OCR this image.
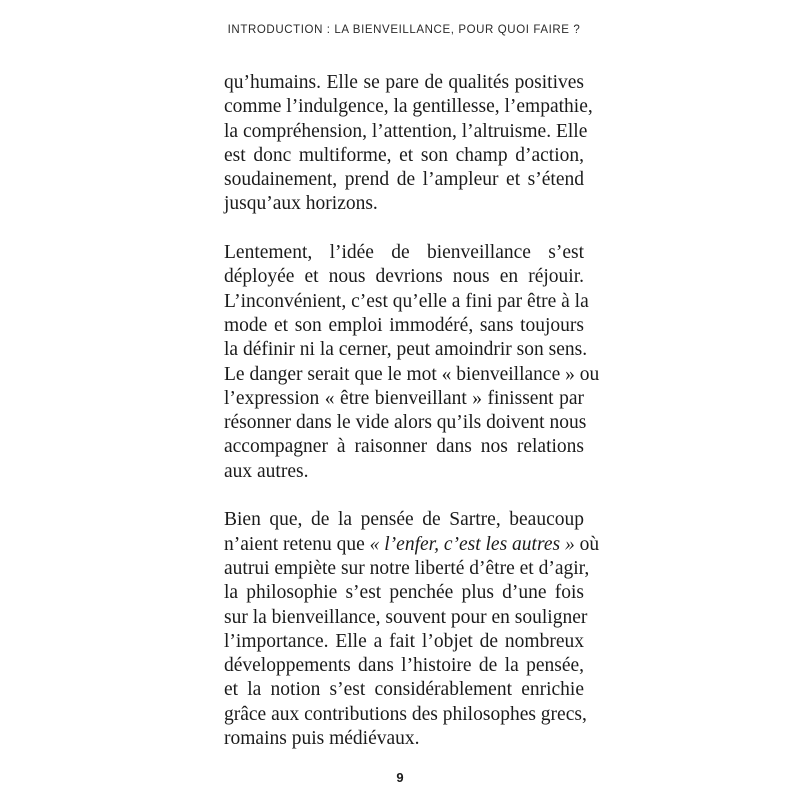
INTRODUCTION : LA BIENVEILLANCE, POUR QUOI FAIRE ?
qu’humains. Elle se pare de qualités positives
comme l’indulgence, la gentillesse, l’empathie,
la compréhension, l’attention, l’altruisme. Elle
est donc multiforme, et son champ d’action,
soudainement, prend de l’ampleur et s’étend
jusqu’aux horizons.
Lentement, l’idée de bienveillance s’est
déployée et nous devrions nous en réjouir.
L’inconvénient, c’est qu’elle a fini par être à la
mode et son emploi immodéré, sans toujours
la définir ni la cerner, peut amoindrir son sens.
Le danger serait que le mot « bienveillance » ou
l’expression « être bienveillant » finissent par
résonner dans le vide alors qu’ils doivent nous
accompagner à raisonner dans nos relations
aux autres.
Bien que, de la pensée de Sartre, beaucoup
n’aient retenu que « l’enfer, c’est les autres » où
autrui empiète sur notre liberté d’être et d’agir,
la philosophie s’est penchée plus d’une fois
sur la bienveillance, souvent pour en souligner
l’importance. Elle a fait l’objet de nombreux
développements dans l’histoire de la pensée,
et la notion s’est considérablement enrichie
grâce aux contributions des philosophes grecs,
romains puis médiévaux.
9
